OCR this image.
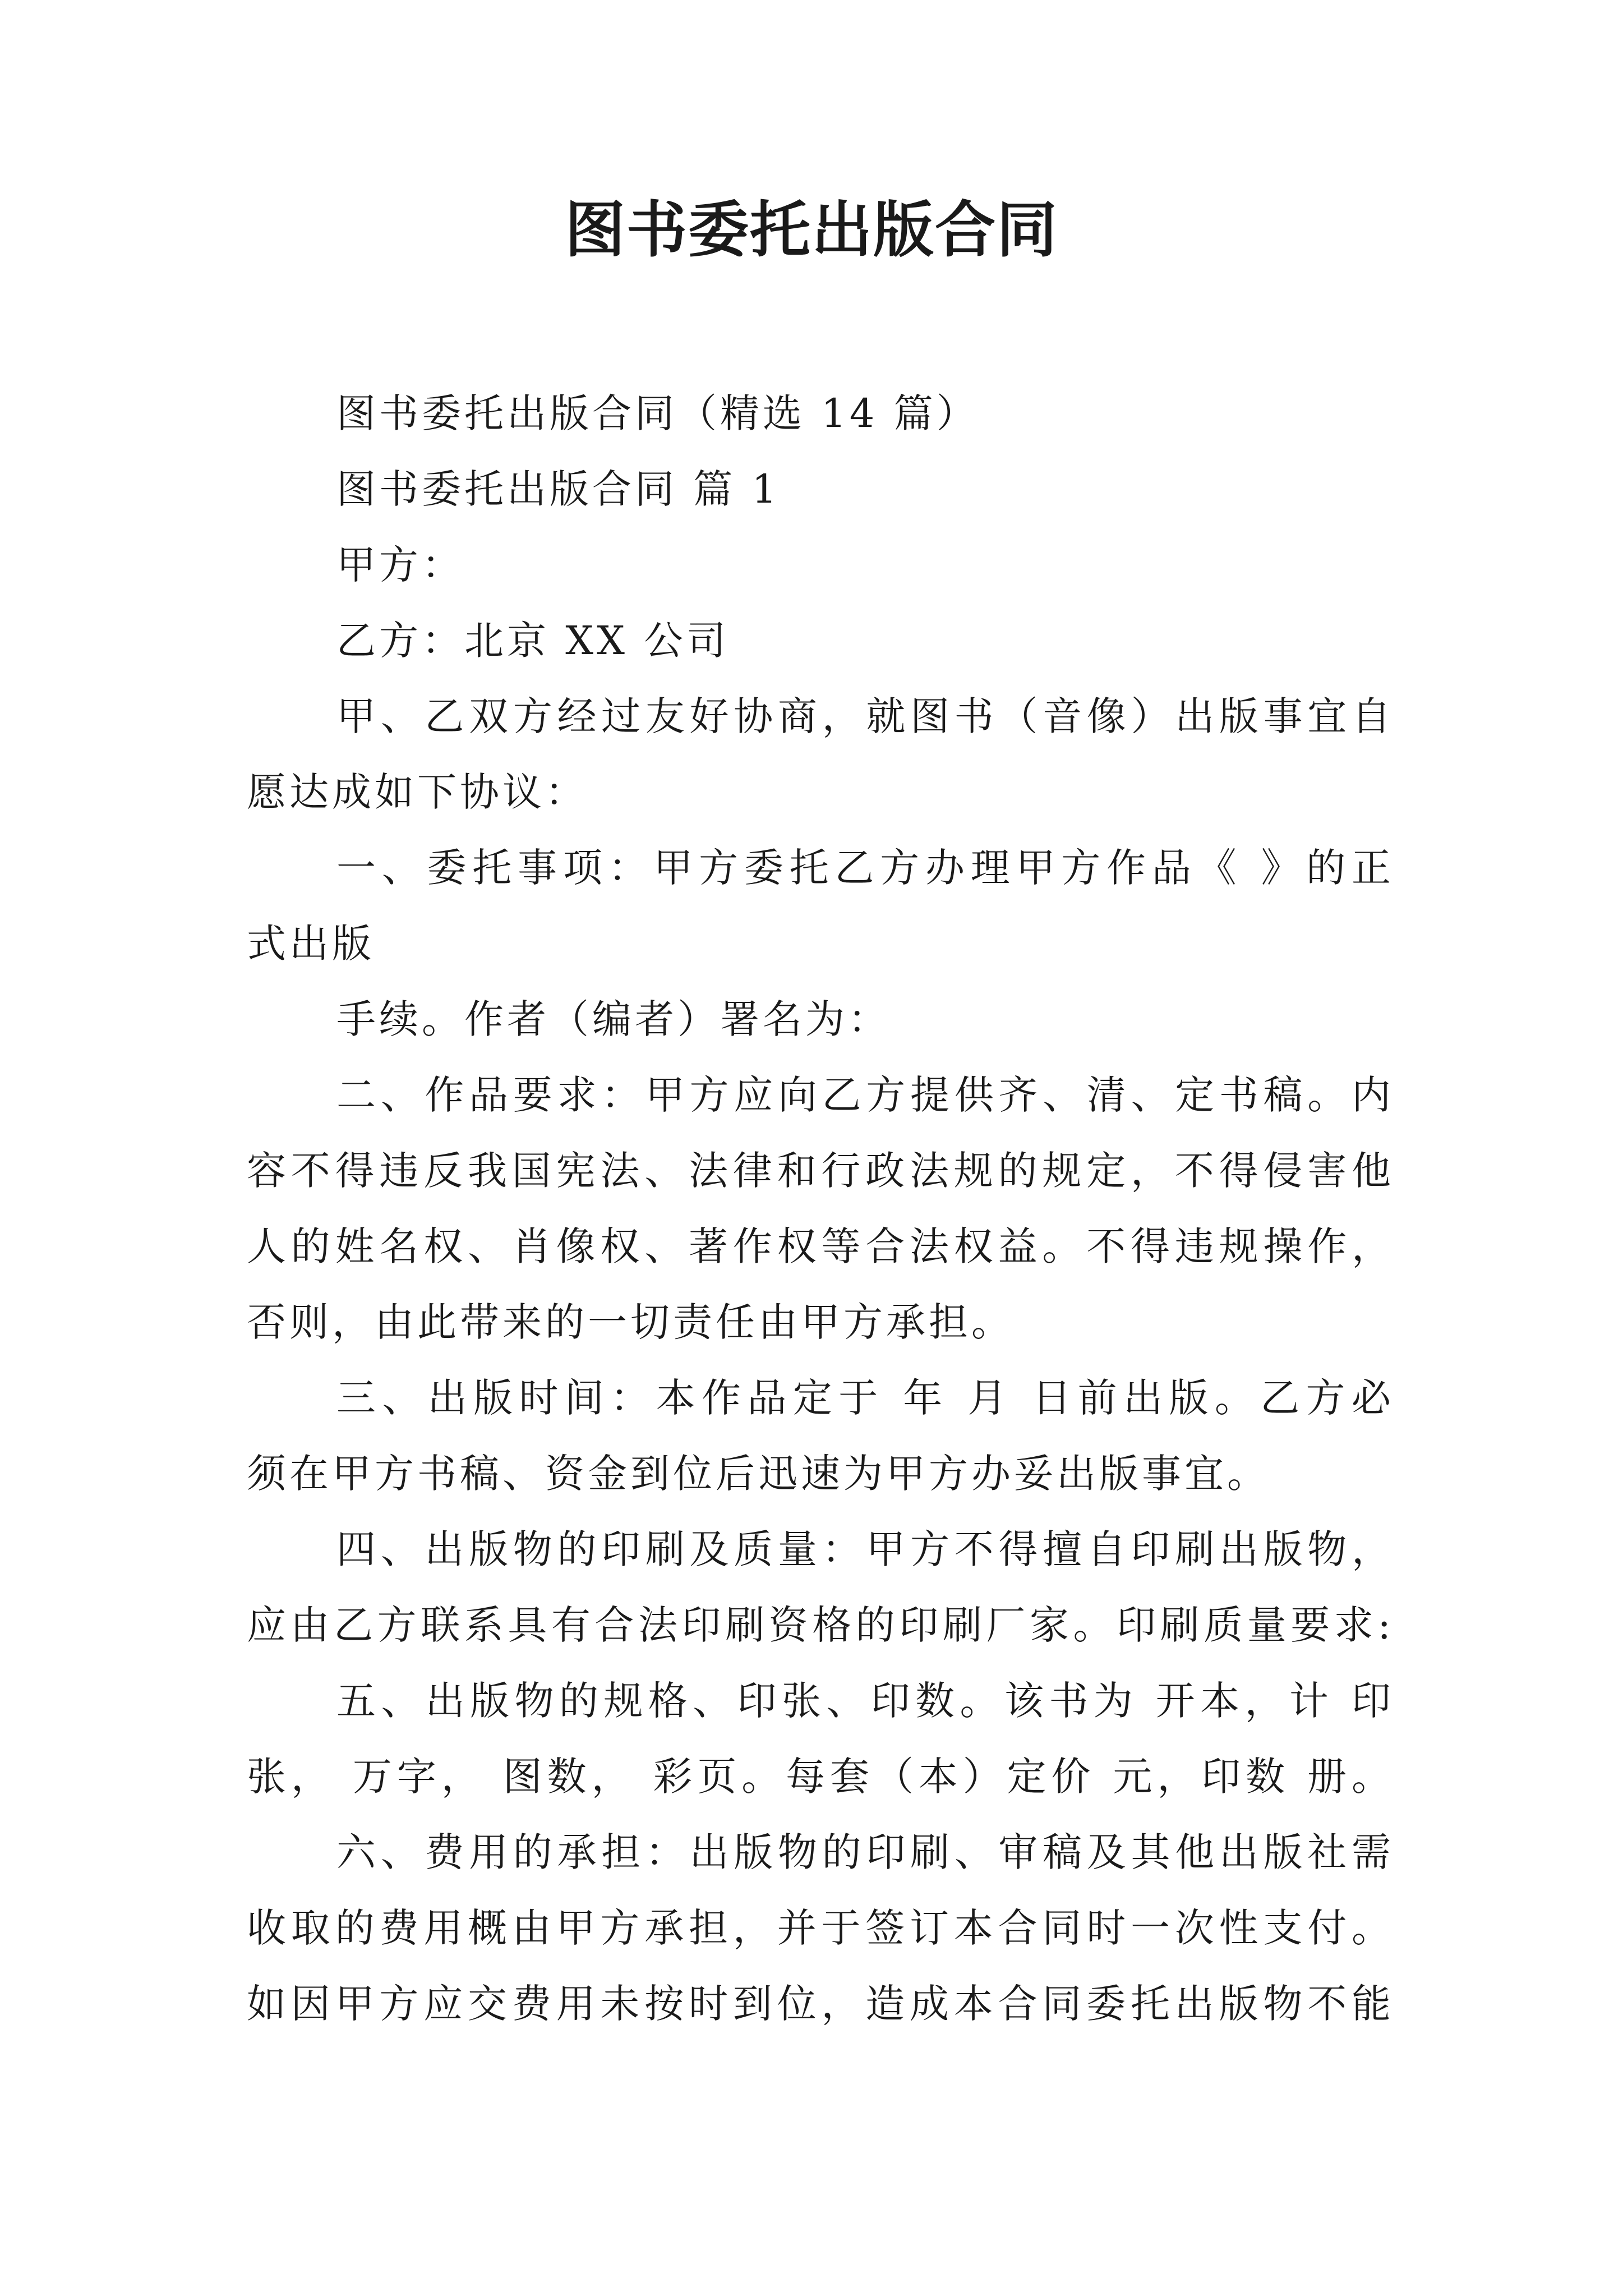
图书委托出版合同

图书委托出版合同（精选 14 篇）

图书委托出版合同 篇 1

甲方：

乙方：北京 XX 公司

甲、乙双方经过友好协商，就图书（音像）出版事宜自

愿达成如下协议：

一、委托事项：甲方委托乙方办理甲方作品《 》的正

式出版

手续。作者（编者）署名为：

二、作品要求：甲方应向乙方提供齐、清、定书稿。内

容不得违反我国宪法、法律和行政法规的规定，不得侵害他

人的姓名权、肖像权、著作权等合法权益。不得违规操作，

否则，由此带来的一切责任由甲方承担。

三、出版时间：本作品定于 年 月 日前出版。乙方必

须在甲方书稿、资金到位后迅速为甲方办妥出版事宜。

四、出版物的印刷及质量：甲方不得擅自印刷出版物，

应由乙方联系具有合法印刷资格的印刷厂家。印刷质量要求:

五、出版物的规格、印张、印数。该书为 开本，计 印

张， 万字， 图数， 彩页。每套（本）定价 元，印数 册。

六、费用的承担：出版物的印刷、审稿及其他出版社需

收取的费用概由甲方承担，并于签订本合同时一次性支付。

如因甲方应交费用未按时到位，造成本合同委托出版物不能
